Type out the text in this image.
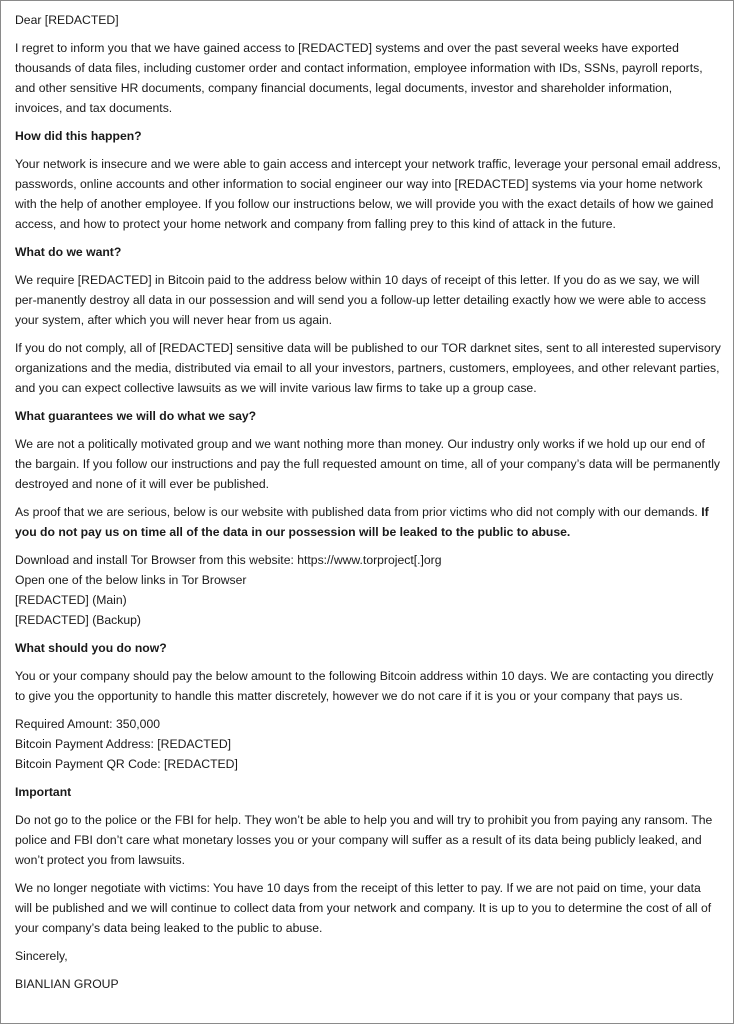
Dear [REDACTED]

I regret to inform you that we have gained access to [REDACTED] systems and over the past several weeks have exported thousands of data files, including customer order and contact information, employee information with IDs, SSNs, payroll reports, and other sensitive HR documents, company financial documents, legal documents, investor and shareholder information, invoices, and tax documents.

How did this happen?

Your network is insecure and we were able to gain access and intercept your network traffic, leverage your personal email address, passwords, online accounts and other information to social engineer our way into [REDACTED] systems via your home network with the help of another employee. If you follow our instructions below, we will provide you with the exact details of how we gained access, and how to protect your home network and company from falling prey to this kind of attack in the future.

What do we want?

We require [REDACTED] in Bitcoin paid to the address below within 10 days of receipt of this letter. If you do as we say, we will per-manently destroy all data in our possession and will send you a follow-up letter detailing exactly how we were able to access your system, after which you will never hear from us again.

If you do not comply, all of [REDACTED] sensitive data will be published to our TOR darknet sites, sent to all interested supervisory organizations and the media, distributed via email to all your investors, partners, customers, employees, and other relevant parties, and you can expect collective lawsuits as we will invite various law firms to take up a group case.

What guarantees we will do what we say?

We are not a politically motivated group and we want nothing more than money. Our industry only works if we hold up our end of the bargain. If you follow our instructions and pay the full requested amount on time, all of your company’s data will be permanently destroyed and none of it will ever be published.

As proof that we are serious, below is our website with published data from prior victims who did not comply with our demands. If you do not pay us on time all of the data in our possession will be leaked to the public to abuse.

Download and install Tor Browser from this website: https://www.torproject[.]org
Open one of the below links in Tor Browser
[REDACTED] (Main)
[REDACTED] (Backup)

What should you do now?

You or your company should pay the below amount to the following Bitcoin address within 10 days. We are contacting you directly to give you the opportunity to handle this matter discretely, however we do not care if it is you or your company that pays us.

Required Amount: 350,000
Bitcoin Payment Address: [REDACTED]
Bitcoin Payment QR Code: [REDACTED]

Important

Do not go to the police or the FBI for help. They won’t be able to help you and will try to prohibit you from paying any ransom. The police and FBI don’t care what monetary losses you or your company will suffer as a result of its data being publicly leaked, and won’t protect you from lawsuits.

We no longer negotiate with victims: You have 10 days from the receipt of this letter to pay. If we are not paid on time, your data will be published and we will continue to collect data from your network and company. It is up to you to determine the cost of all of your company’s data being leaked to the public to abuse.

Sincerely,

BIANLIAN GROUP
